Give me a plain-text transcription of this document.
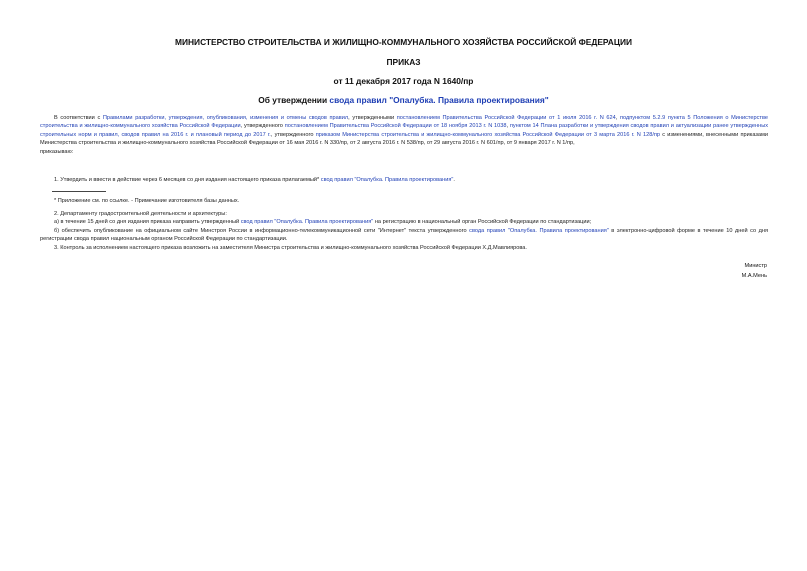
МИНИСТЕРСТВО СТРОИТЕЛЬСТВА И ЖИЛИЩНО-КОММУНАЛЬНОГО ХОЗЯЙСТВА РОССИЙСКОЙ ФЕДЕРАЦИИ
ПРИКАЗ
от 11 декабря 2017 года N 1640/пр
Об утверждении свода правил "Опалубка. Правила проектирования"

В соответствии с Правилами разработки, утверждения, опубликования, изменения и отмены сводов правил, утвержденными постановлением Правительства Российской Федерации от 1 июля 2016 г. N 624, подпунктом 5.2.9 пункта 5 Положения о Министерстве строительства и жилищно-коммунального хозяйства Российской Федерации, утвержденного постановлением Правительства Российской Федерации от 18 ноября 2013 г. N 1038, пунктом 14 Плана разработки и утверждения сводов правил и актуализации ранее утвержденных строительных норм и правил, сводов правил на 2016 г. и плановый период до 2017 г., утвержденного приказом Министерства строительства и жилищно-коммунального хозяйства Российской Федерации от 3 марта 2016 г. N 128/пр с изменениями, внесенными приказами Министерства строительства и жилищно-коммунального хозяйства Российской Федерации от 16 мая 2016 г. N 330/пр, от 2 августа 2016 г. N 538/пр, от 29 августа 2016 г. N 601/пр, от 9 января 2017 г. N 1/пр,

приказываю:

1. Утвердить и ввести в действие через 6 месяцев со дня издания настоящего приказа прилагаемый* свод правил "Опалубка. Правила проектирования".

* Приложение см. по ссылке. - Примечание изготовителя базы данных.

2. Департаменту градостроительной деятельности и архитектуры:

а) в течение 15 дней со дня издания приказа направить утвержденный свод правил "Опалубка. Правила проектирования" на регистрацию в национальный орган Российской Федерации по стандартизации;

б) обеспечить опубликование на официальном сайте Минстроя России в информационно-телекоммуникационной сети "Интернет" текста утвержденного свода правил "Опалубка. Правила проектирования" в электронно-цифровой форме в течение 10 дней со дня регистрации свода правил национальным органом Российской Федерации по стандартизации.

3. Контроль за исполнением настоящего приказа возложить на заместителя Министра строительства и жилищно-коммунального хозяйства Российской Федерации Х.Д.Мавлиярова.

Министр
М.А.Мень
